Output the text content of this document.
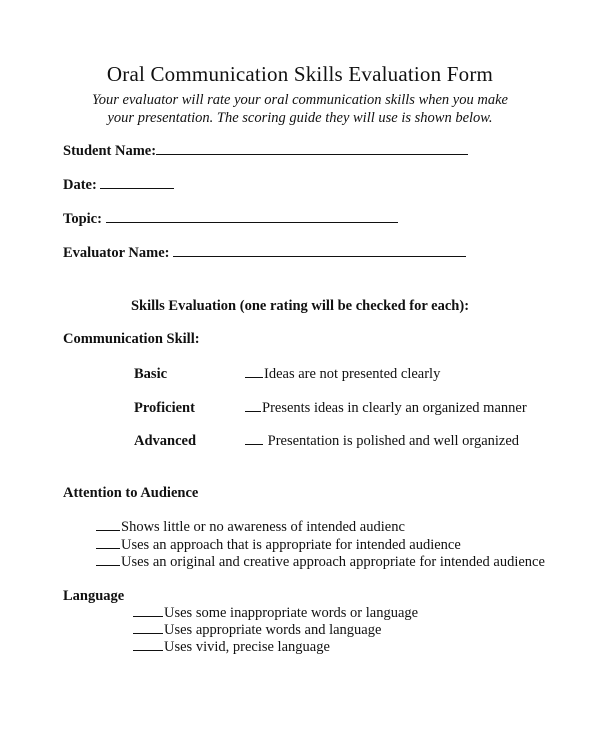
Oral Communication Skills Evaluation Form
Your evaluator will rate your oral communication skills when you make
your presentation. The scoring guide they will use is shown below.
Student Name:
Date:
Topic:
Evaluator Name:
Skills Evaluation (one rating will be checked for each):
Communication Skill:
Basic	Ideas are not presented clearly
Proficient	Presents ideas in clearly an organized manner
Advanced	Presentation is polished and well organized
Attention to Audience
Shows little or no awareness of intended audienc
Uses an approach that is appropriate for intended audience
Uses an original and creative approach appropriate for intended audience
Language
Uses some inappropriate words or language
Uses appropriate words and language
Uses vivid, precise language
